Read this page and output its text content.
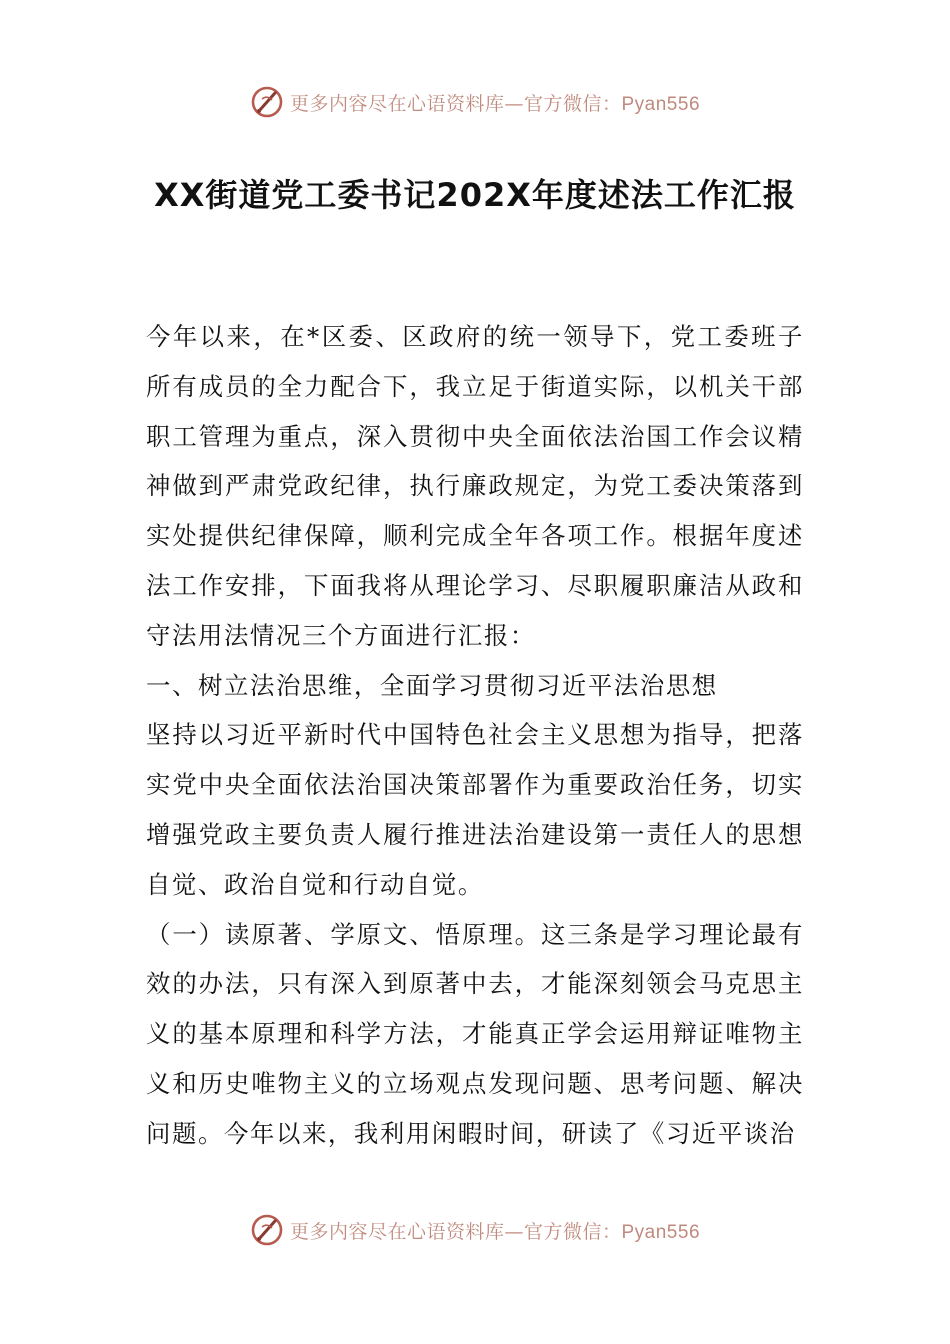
更多内容尽在心语资料库—官方微信：Pyan556
XX街道党工委书记202X年度述法工作汇报

今年以来，在*区委、区政府的统一领导下，党工委班子所有成员的全力配合下，我立足于街道实际，以机关干部职工管理为重点，深入贯彻中央全面依法治国工作会议精神做到严肃党政纪律，执行廉政规定，为党工委决策落到实处提供纪律保障，顺利完成全年各项工作。根据年度述法工作安排，下面我将从理论学习、尽职履职廉洁从政和守法用法情况三个方面进行汇报：

一、树立法治思维，全面学习贯彻习近平法治思想

坚持以习近平新时代中国特色社会主义思想为指导，把落实党中央全面依法治国决策部署作为重要政治任务，切实增强党政主要负责人履行推进法治建设第一责任人的思想自觉、政治自觉和行动自觉。

（一）读原著、学原文、悟原理。这三条是学习理论最有效的办法，只有深入到原著中去，才能深刻领会马克思主义的基本原理和科学方法，才能真正学会运用辩证唯物主义和历史唯物主义的立场观点发现问题、思考问题、解决问题。今年以来，我利用闲暇时间，研读了《习近平谈治

更多内容尽在心语资料库—官方微信：Pyan556
